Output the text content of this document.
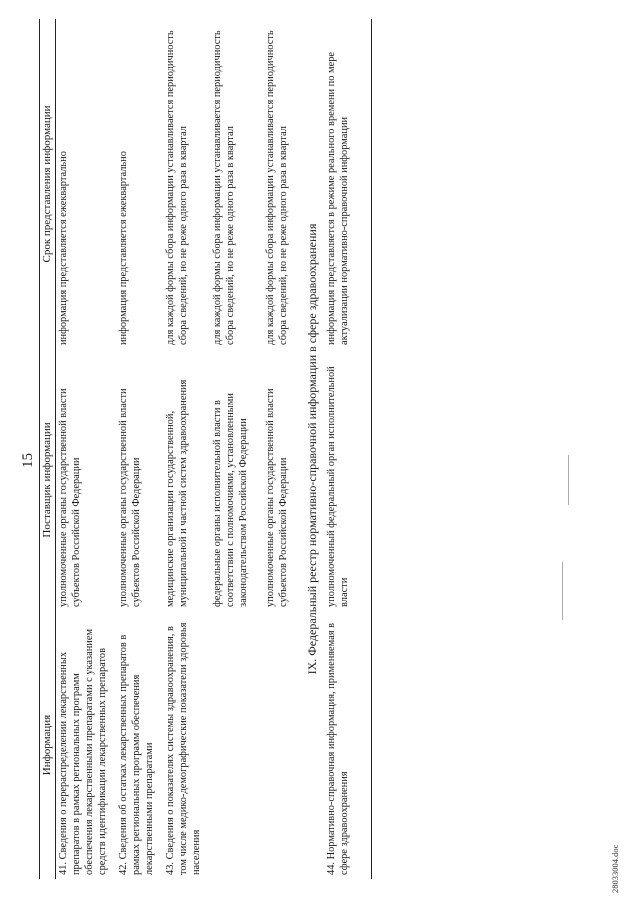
15
Информация	Поставщик информации	Срок представления информации
41. Сведения о перераспределении лекарственных препаратов в рамках региональных программ обеспечения лекарственными препаратами с указанием средств идентификации лекарственных препаратов	уполномоченные органы государственной власти субъектов Российской Федерации	информация представляется ежеквартально

42. Сведения об остатках лекарственных препаратов в рамках региональных программ обеспечения лекарственными препаратами	уполномоченные органы государственной власти субъектов Российской Федерации	информация представляется ежеквартально

43. Сведения о показателях системы здравоохранения, в том числе медико-демографические показатели здоровья населения	медицинские организации государственной, муниципальной и частной систем здравоохранения	для каждой формы сбора информации устанавливается периодичность сбора сведений, но не реже одного раза в квартал

	федеральные органы исполнительной власти в соответствии с полномочиями, установленными законодательством Российской Федерации	для каждой формы сбора информации устанавливается периодичность сбора сведений, но не реже одного раза в квартал

	уполномоченные органы государственной власти субъектов Российской Федерации	для каждой формы сбора информации устанавливается периодичность сбора сведений, но не реже одного раза в квартал

IX. Федеральный реестр нормативно-справочной информации в сфере здравоохранения		
44. Нормативно-справочная информация, применяемая в сфере здравоохранения	уполномоченный федеральный орган исполнительной власти	информация представляется в режиме реального времени по мере актуализации нормативно-справочной информации
28033004.doc
